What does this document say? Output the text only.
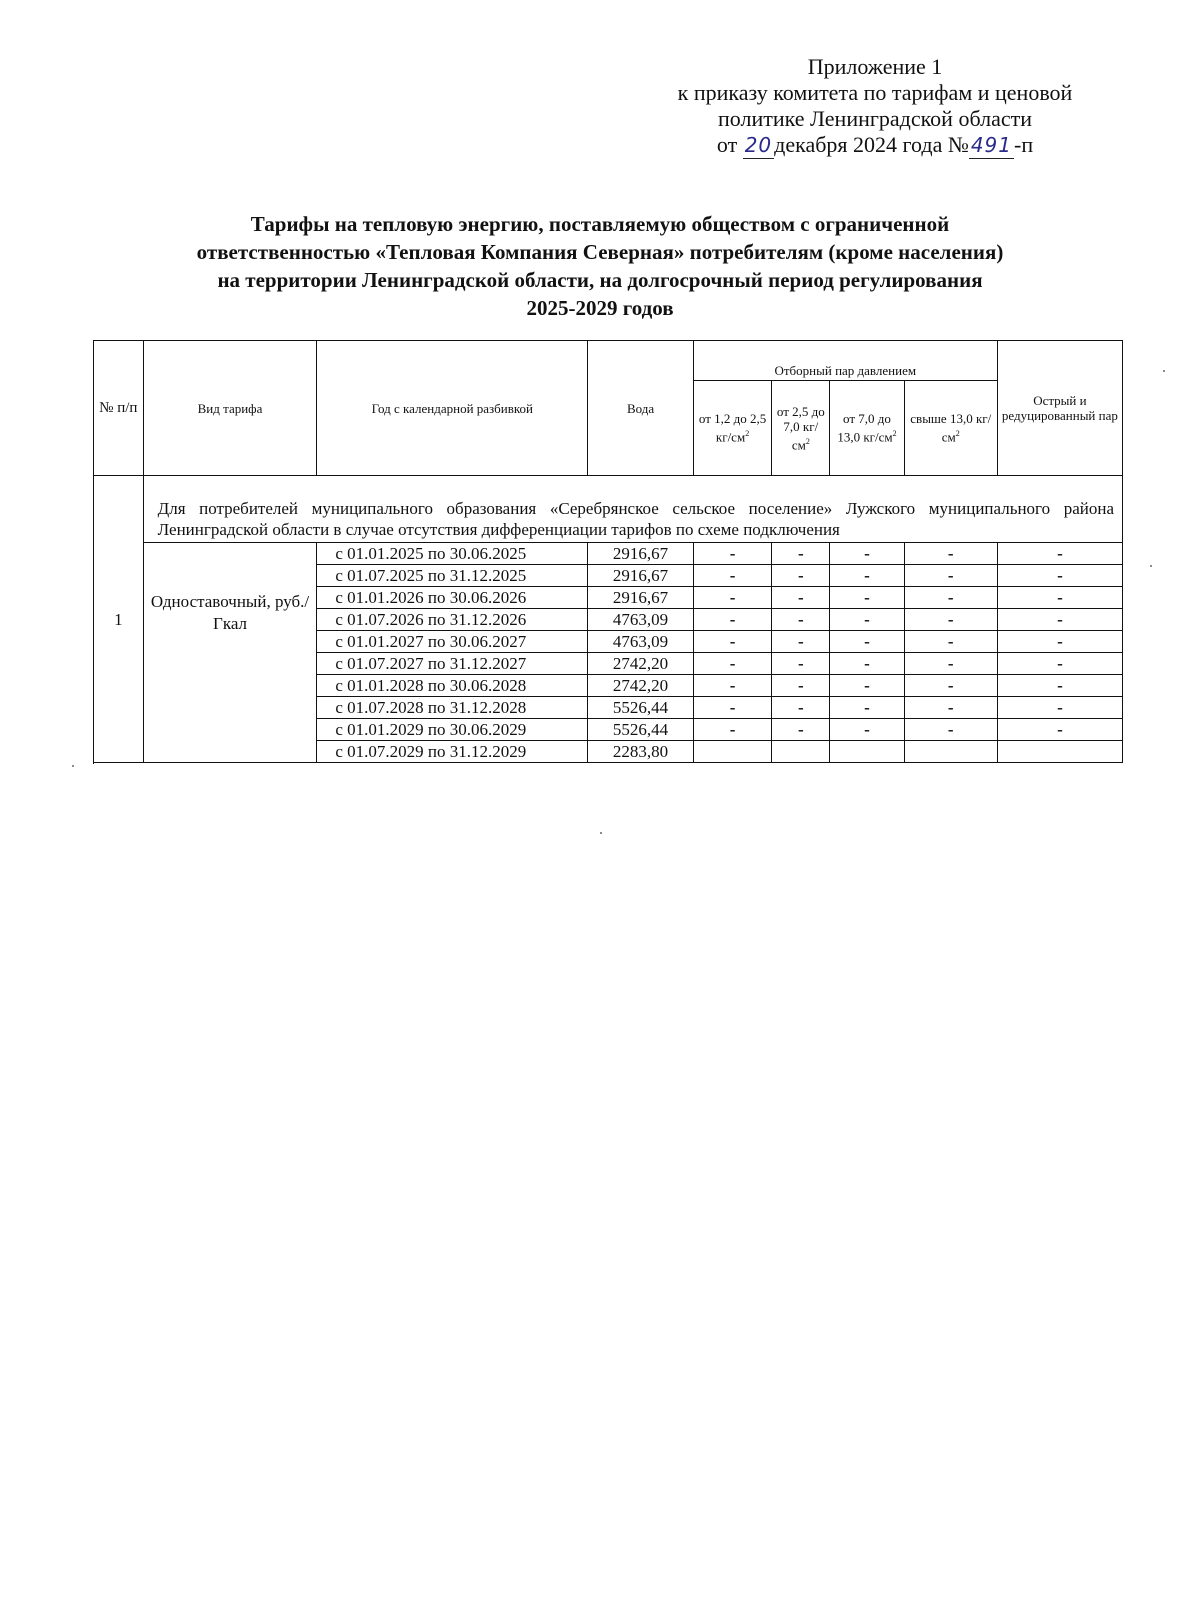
Приложение 1
к приказу комитета по тарифам и ценовой
политике Ленинградской области
от 20декабря 2024 года № 491-п
Тарифы на тепловую энергию, поставляемую обществом с ограниченной
ответственностью «Тепловая Компания Северная» потребителям (кроме населения)
на территории Ленинградской области, на долгосрочный период регулирования
2025-2029 годов
№ п/п	Вид тарифа	Год с календарной разбивкой	Вода	Отборный пар давлением				Острый и редуцированный пар
				от 1,2 до 2,5 $кг/см^2$	от 2,5 до 7,0 $кг/см^2$	от 7,0 до 13,0 $кг/см^2$	свыше 13,0 $кг/см^2$
1	Для потребителей муниципального образования «Серебрянское сельское поселение» Лужского муниципального района Ленинградской области в случае отсутствия дифференциации тарифов по схеме подключения							
	Одноставочный, руб./Гкал	с 01.01.2025 по 30.06.2025	2916,67	-	-	-	-	-
		с 01.07.2025 по 31.12.2025	2916,67	-	-	-	-	-
		с 01.01.2026 по 30.06.2026	2916,67	-	-	-	-	-
		с 01.07.2026 по 31.12.2026	4763,09	-	-	-	-	-
		с 01.01.2027 по 30.06.2027	4763,09	-	-	-	-	-
		с 01.07.2027 по 31.12.2027	2742,20	-	-	-	-	-
		с 01.01.2028 по 30.06.2028	2742,20	-	-	-	-	-
		с 01.07.2028 по 31.12.2028	5526,44	-	-	-	-	-
		с 01.01.2029 по 30.06.2029	5526,44	-	-	-	-	-
		с 01.07.2029 по 31.12.2029	2283,80					
